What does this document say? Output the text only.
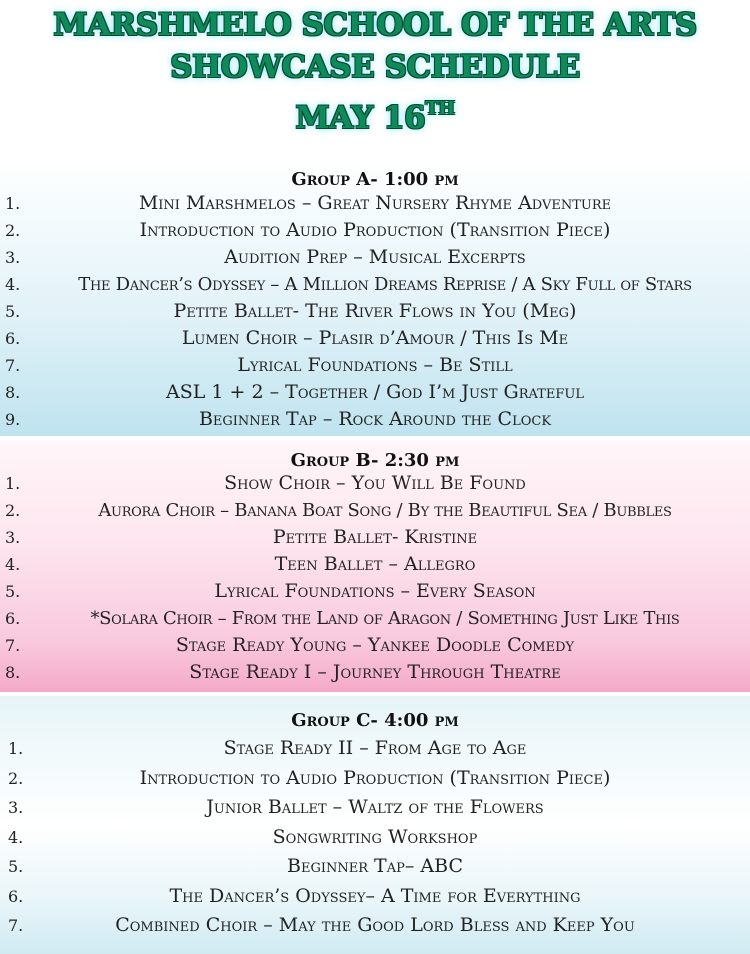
MARSHMELO SCHOOL OF THE ARTS
SHOWCASE SCHEDULE
MAY 16TH
Group A- 1:00 pm
1.	Mini Marshmelos – Great Nursery Rhyme Adventure
2.	Introduction to Audio Production (Transition Piece)
3.	Audition Prep – Musical Excerpts
4.	The Dancer’s Odyssey – A Million Dreams Reprise / A Sky Full of Stars
5.	Petite Ballet- The River Flows in You (Meg)
6.	Lumen Choir – Plasir d’Amour / This Is Me
7.	Lyrical Foundations – Be Still
8.	ASL 1 + 2 – Together / God I’m Just Grateful
9.	Beginner Tap – Rock Around the Clock
Group B- 2:30 pm
1.	Show Choir – You Will Be Found
2.	Aurora Choir – Banana Boat Song / By the Beautiful Sea / Bubbles
3.	Petite Ballet- Kristine
4.	Teen Ballet – Allegro
5.	Lyrical Foundations – Every Season
6.	*Solara Choir – From the Land of Aragon / Something Just Like This
7.	Stage Ready Young – Yankee Doodle Comedy
8.	Stage Ready I – Journey Through Theatre
Group C- 4:00 pm
1.	Stage Ready II – From Age to Age
2.	Introduction to Audio Production (Transition Piece)
3.	Junior Ballet – Waltz of the Flowers
4.	Songwriting Workshop
5.	Beginner Tap– ABC
6.	The Dancer’s Odyssey– A Time for Everything
7.	Combined Choir – May the Good Lord Bless and Keep You
